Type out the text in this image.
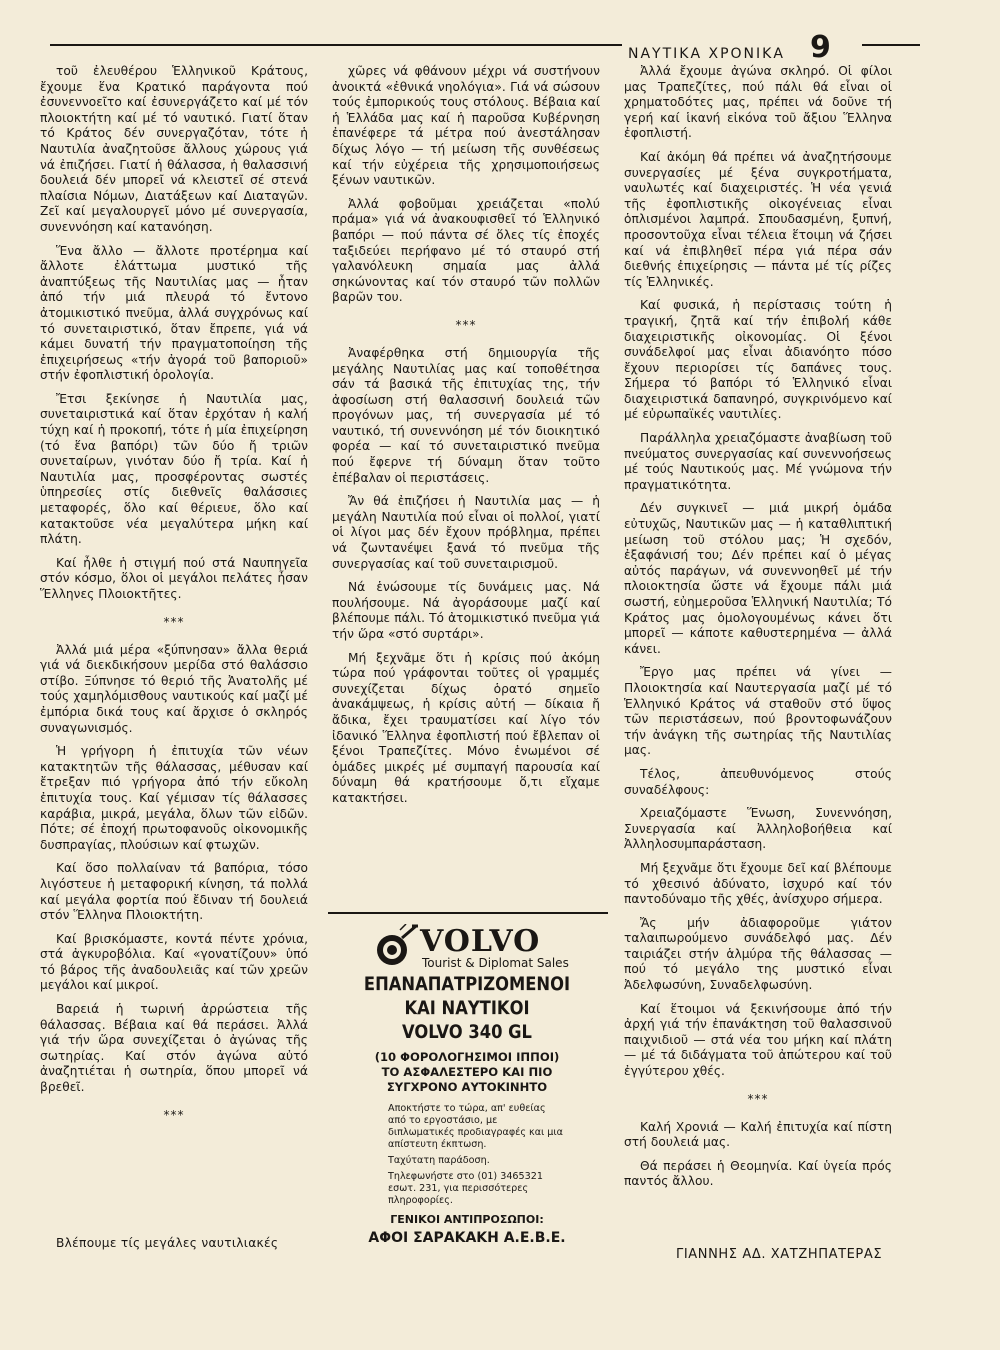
ΝΑΥΤΙΚΑ ΧΡΟΝΙΚΑ 9

τοῦ ἐλευθέρου Ἑλληνικοῦ Κράτους, ἔχουμε ἕνα Κρατικό παράγοντα πού ἐσυνεννοεῖτο καί ἐσυνεργάζετο καί μέ τόν πλοιοκτήτη καί μέ τό ναυτικό. Γιατί ὅταν τό Κράτος δέν συνεργαζόταν, τότε ἡ Ναυτιλία ἀναζητοῦσε ἄλλους χώρους γιά νά ἐπιζήσει. Γιατί ἡ θάλασσα, ἡ θαλασσινή δουλειά δέν μπορεῖ νά κλειστεῖ σέ στενά πλαίσια Νόμων, Διατάξεων καί Διαταγῶν. Ζεῖ καί μεγαλουργεῖ μόνο μέ συνεργασία, συνεννόηση καί κατανόηση.

Ἕνα ἄλλο — ἄλλοτε προτέρημα καί ἄλλοτε ἐλάττωμα μυστικό τῆς ἀναπτύξεως τῆς Ναυτιλίας μας — ἦταν ἀπό τήν μιά πλευρά τό ἔντονο ἀτομικιστικό πνεῦμα, ἀλλά συγχρόνως καί τό συνεταιριστικό, ὅταν ἔπρεπε, γιά νά κάμει δυνατή τήν πραγματοποίηση τῆς ἐπιχειρήσεως «τήν ἀγορά τοῦ βαποριοῦ» στήν ἐφοπλιστική ὁρολογία.

Ἔτσι ξεκίνησε ἡ Ναυτιλία μας, συνεταιριστικά καί ὅταν ἐρχόταν ἡ καλή τύχη καί ἡ προκοπή, τότε ἡ μία ἐπιχείρηση (τό ἕνα βαπόρι) τῶν δύο ἤ τριῶν συνεταίρων, γινόταν δύο ἤ τρία. Καί ἡ Ναυτιλία μας, προσφέροντας σωστές ὑπηρεσίες στίς διεθνεῖς θαλάσσιες μεταφορές, ὅλο καί θέριευε, ὅλο καί κατακτοῦσε νέα μεγαλύτερα μήκη καί πλάτη.

Καί ἦλθε ἡ στιγμή πού στά Ναυπηγεῖα στόν κόσμο, ὅλοι οἱ μεγάλοι πελάτες ἦσαν Ἕλληνες Πλοιοκτῆτες.

***

Ἀλλά μιά μέρα «ξύπνησαν» ἄλλα θεριά γιά νά διεκδικήσουν μερίδα στό θαλάσσιο στίβο. Ξύπνησε τό θεριό τῆς Ἀνατολῆς μέ τούς χαμηλόμισθους ναυτικούς καί μαζί μέ ἐμπόρια δικά τους καί ἄρχισε ὁ σκληρός συναγωνισμός.

Ἡ γρήγορη ἡ ἐπιτυχία τῶν νέων κατακτητῶν τῆς θάλασσας, μέθυσαν καί ἔτρεξαν πιό γρήγορα ἀπό τήν εὔκολη ἐπιτυχία τους. Καί γέμισαν τίς θάλασσες καράβια, μικρά, μεγάλα, ὅλων τῶν εἰδῶν. Πότε; σέ ἐποχή πρωτοφανοῦς οἰκονομικῆς δυσπραγίας, πλούσιων καί φτωχῶν.

Καί ὅσο πολλαίναν τά βαπόρια, τόσο λιγόστευε ἡ μεταφορική κίνηση, τά πολλά καί μεγάλα φορτία πού ἔδιναν τή δουλειά στόν Ἕλληνα Πλοιοκτήτη.

Καί βρισκόμαστε, κοντά πέντε χρόνια, στά ἀγκυροβόλια. Καί «γονατίζουν» ὑπό τό βάρος τῆς ἀναδουλειᾶς καί τῶν χρεῶν μεγάλοι καί μικροί.

Βαρειά ἡ τωρινή ἀρρώστεια τῆς θάλασσας. Βέβαια καί θά περάσει. Ἀλλά γιά τήν ὥρα συνεχίζεται ὁ ἀγώνας τῆς σωτηρίας. Καί στόν ἀγώνα αὐτό ἀναζητιέται ἡ σωτηρία, ὅπου μπορεῖ νά βρεθεῖ.

***
Βλέπουμε τίς μεγάλες ναυτιλιακές

χῶρες νά φθάνουν μέχρι νά συστήνουν ἀνοικτά «ἐθνικά νηολόγια». Γιά νά σώσουν τούς ἐμπορικούς τους στόλους. Βέβαια καί ἡ Ἑλλάδα μας καί ἡ παροῦσα Κυβέρνηση ἐπανέφερε τά μέτρα πού ἀνεστάλησαν δίχως λόγο — τή μείωση τῆς συνθέσεως καί τήν εὐχέρεια τῆς χρησιμοποιήσεως ξένων ναυτικῶν.

Ἀλλά φοβοῦμαι χρειάζεται «πολύ πράμα» γιά νά ἀνακουφισθεῖ τό Ἑλληνικό βαπόρι — πού πάντα σέ ὅλες τίς ἐποχές ταξιδεύει περήφανο μέ τό σταυρό στή γαλανόλευκη σημαία μας ἀλλά σηκώνοντας καί τόν σταυρό τῶν πολλῶν βαρῶν του.

***

Ἀναφέρθηκα στή δημιουργία τῆς μεγάλης Ναυτιλίας μας καί τοποθέτησα σάν τά βασικά τῆς ἐπιτυχίας της, τήν ἀφοσίωση στή θαλασσινή δουλειά τῶν προγόνων μας, τή συνεργασία μέ τό ναυτικό, τή συνεννόηση μέ τόν διοικητικό φορέα — καί τό συνεταιριστικό πνεῦμα πού ἔφερνε τή δύναμη ὅταν τοῦτο ἐπέβαλαν οἱ περιστάσεις.

Ἄν θά ἐπιζήσει ἡ Ναυτιλία μας — ἡ μεγάλη Ναυτιλία πού εἶναι οἱ πολλοί, γιατί οἱ λίγοι μας δέν ἔχουν πρόβλημα, πρέπει νά ζωντανέψει ξανά τό πνεῦμα τῆς συνεργασίας καί τοῦ συνεταιρισμοῦ.

Νά ἑνώσουμε τίς δυνάμεις μας. Νά πουλήσουμε. Νά ἀγοράσουμε μαζί καί βλέπουμε πάλι. Τό ἀτομικιστικό πνεῦμα γιά τήν ὥρα «στό συρτάρι».

Μή ξεχνᾶμε ὅτι ἡ κρίσις πού ἀκόμη τώρα πού γράφονται τοῦτες οἱ γραμμές συνεχίζεται δίχως ὁρατό σημεῖο ἀνακάμψεως, ἡ κρίσις αὐτή — δίκαια ἤ ἄδικα, ἔχει τραυματίσει καί λίγο τόν ἰδανικό Ἕλληνα ἐφοπλιστή πού ἔβλεπαν οἱ ξένοι Τραπεζίτες. Μόνο ἑνωμένοι σέ ὁμάδες μικρές μέ συμπαγή παρουσία καί δύναμη θά κρατήσουμε ὅ,τι εἴχαμε κατακτήσει.

VOLVO
Tourist & Diplomat Sales
ΕΠΑΝΑΠΑΤΡΙΖΟΜΕΝΟΙ
ΚΑΙ ΝΑΥΤΙΚΟΙ
VOLVO 340 GL
(10 ΦΟΡΟΛΟΓΗΣΙΜΟΙ ΙΠΠΟΙ)
ΤΟ ΑΣΦΑΛΕΣΤΕΡΟ ΚΑΙ ΠΙΟ
ΣΥΓΧΡΟΝΟ ΑΥΤΟΚΙΝΗΤΟ
Αποκτήστε το τώρα, απ' ευθείας από το εργοστάσιο, με διπλωματικές προδιαγραφές και μια απίστευτη έκπτωση.
Ταχύτατη παράδοση.
Τηλεφωνήστε στο (01) 3465321 εσωτ. 231, για περισσότερες πληροφορίες.
ΓΕΝΙΚΟΙ ΑΝΤΙΠΡΟΣΩΠΟΙ:
ΑΦΟΙ ΣΑΡΑΚΑΚΗ Α.Ε.Β.Ε.

Ἀλλά ἔχουμε ἀγώνα σκληρό. Οἱ φίλοι μας Τραπεζίτες, πού πάλι θά εἶναι οἱ χρηματοδότες μας, πρέπει νά δοῦνε τή γερή καί ἱκανή εἰκόνα τοῦ ἄξιου Ἕλληνα ἐφοπλιστή.

Καί ἀκόμη θά πρέπει νά ἀναζητήσουμε συνεργασίες μέ ξένα συγκροτήματα, ναυλωτές καί διαχειριστές. Ἡ νέα γενιά τῆς ἐφοπλιστικῆς οἰκογένειας εἶναι ὁπλισμένοι λαμπρά. Σπουδασμένη, ξυπνή, προσοντοῦχα εἶναι τέλεια ἕτοιμη νά ζήσει καί νά ἐπιβληθεῖ πέρα γιά πέρα σάν διεθνής ἐπιχείρησις — πάντα μέ τίς ρίζες τίς Ἑλληνικές.

Καί φυσικά, ἡ περίστασις τούτη ἡ τραγική, ζητᾶ καί τήν ἐπιβολή κάθε διαχειριστικῆς οἰκονομίας. Οἱ ξένοι συνάδελφοί μας εἶναι ἀδιανόητο πόσο ἔχουν περιορίσει τίς δαπάνες τους. Σήμερα τό βαπόρι τό Ἑλληνικό εἶναι διαχειριστικά δαπανηρό, συγκρινόμενο καί μέ εὐρωπαϊκές ναυτιλίες.

Παράλληλα χρειαζόμαστε ἀναβίωση τοῦ πνεύματος συνεργασίας καί συνεννοήσεως μέ τούς Ναυτικούς μας. Μέ γνώμονα τήν πραγματικότητα.

Δέν συγκινεῖ — μιά μικρή ὁμάδα εὐτυχῶς, Ναυτικῶν μας — ἡ καταθλιπτική μείωση τοῦ στόλου μας; Ἡ σχεδόν, ἐξαφάνισή του; Δέν πρέπει καί ὁ μέγας αὐτός παράγων, νά συνεννοηθεῖ μέ τήν πλοιοκτησία ὥστε νά ἔχουμε πάλι μιά σωστή, εὐημεροῦσα Ἑλληνική Ναυτιλία; Τό Κράτος μας ὁμολογουμένως κάνει ὅτι μπορεῖ — κάποτε καθυστερημένα — ἀλλά κάνει.

Ἔργο μας πρέπει νά γίνει — Πλοιοκτησία καί Ναυτεργασία μαζί μέ τό Ἑλληνικό Κράτος νά σταθοῦν στό ὕψος τῶν περιστάσεων, πού βροντοφωνάζουν τήν ἀνάγκη τῆς σωτηρίας τῆς Ναυτιλίας μας.

Τέλος, ἀπευθυνόμενος στούς συναδέλφους:

Χρειαζόμαστε Ἕνωση, Συνεννόηση, Συνεργασία καί Ἀλληλοβοήθεια καί Ἀλληλοσυμπαράσταση.

Μή ξεχνᾶμε ὅτι ἔχουμε δεῖ καί βλέπουμε τό χθεσινό ἀδύνατο, ἰσχυρό καί τόν παντοδύναμο τῆς χθές, ἀνίσχυρο σήμερα.

Ἄς μήν ἀδιαφοροῦμε γιάτον ταλαιπωρούμενο συνάδελφό μας. Δέν ταιριάζει στήν ἁλμύρα τῆς θάλασσας — πού τό μεγάλο της μυστικό εἶναι Ἀδελφωσύνη, Συναδελφωσύνη.

Καί ἕτοιμοι νά ξεκινήσουμε ἀπό τήν ἀρχή γιά τήν ἐπανάκτηση τοῦ θαλασσινοῦ παιχνιδιοῦ — στά νέα του μήκη καί πλάτη — μέ τά διδάγματα τοῦ ἀπώτερου καί τοῦ ἐγγύτερου χθές.

***

Καλή Χρονιά — Καλή ἐπιτυχία καί πίστη στή δουλειά μας.

Θά περάσει ἡ Θεομηνία. Καί ὑγεία πρός παντός ἄλλου.

ΓΙΑΝΝΗΣ ΑΔ. ΧΑΤΖΗΠΑΤΕΡΑΣ
